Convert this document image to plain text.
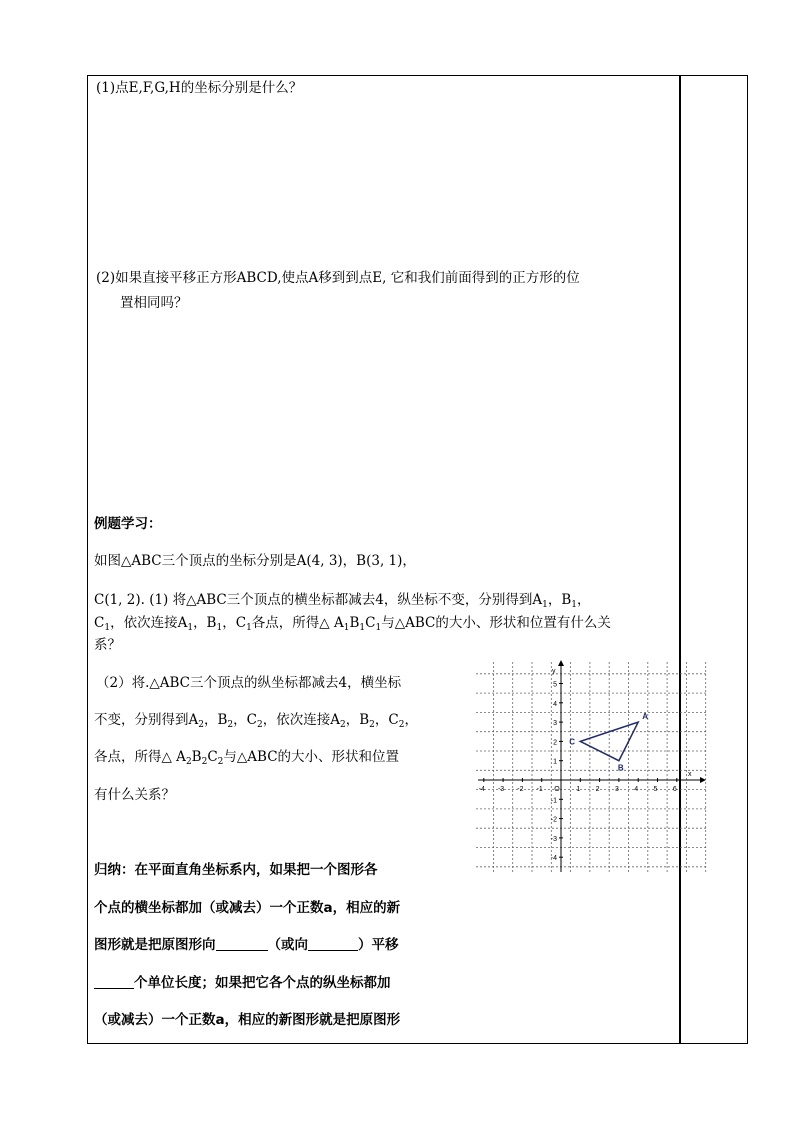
(1)点E,F,G,H的坐标分别是什么？
(2)如果直接平移正方形ABCD,使点A移到到点E, 它和我们前面得到的正方形的位
置相同吗？
例题学习：
如图△ABC三个顶点的坐标分别是A(4, 3)，B(3, 1)，
C(1, 2). (1) 将△ABC三个顶点的横坐标都减去4，纵坐标不变，分别得到$A_1$，$B_1$，
$C_1$，依次连接$A_1$，$B_1$，$C_1$各点，所得△ $A_1B_1C_1$与△ABC的大小、形状和位置有什么关
系？
（2）将.△ABC三个顶点的纵坐标都减去4，横坐标
不变，分别得到$A_2$，$B_2$，$C_2$，依次连接$A_2$，$B_2$，$C_2$，
各点，所得△ $A_2B_2C_2$与△ABC的大小、形状和位置
有什么关系？
归纳：在平面直角坐标系内，如果把一个图形各
个点的横坐标都加（或减去）一个正数a，相应的新
图形就是把原图形向	（或向	）平移
个单位长度；如果把它各个点的纵坐标都加
（或减去）一个正数a，相应的新图形就是把原图形
-4 -3 -2 -1 O 1 2 3 4 5 6
5
4
3
2
1
-1
-2
-3
-4
x
y
A
B
C
